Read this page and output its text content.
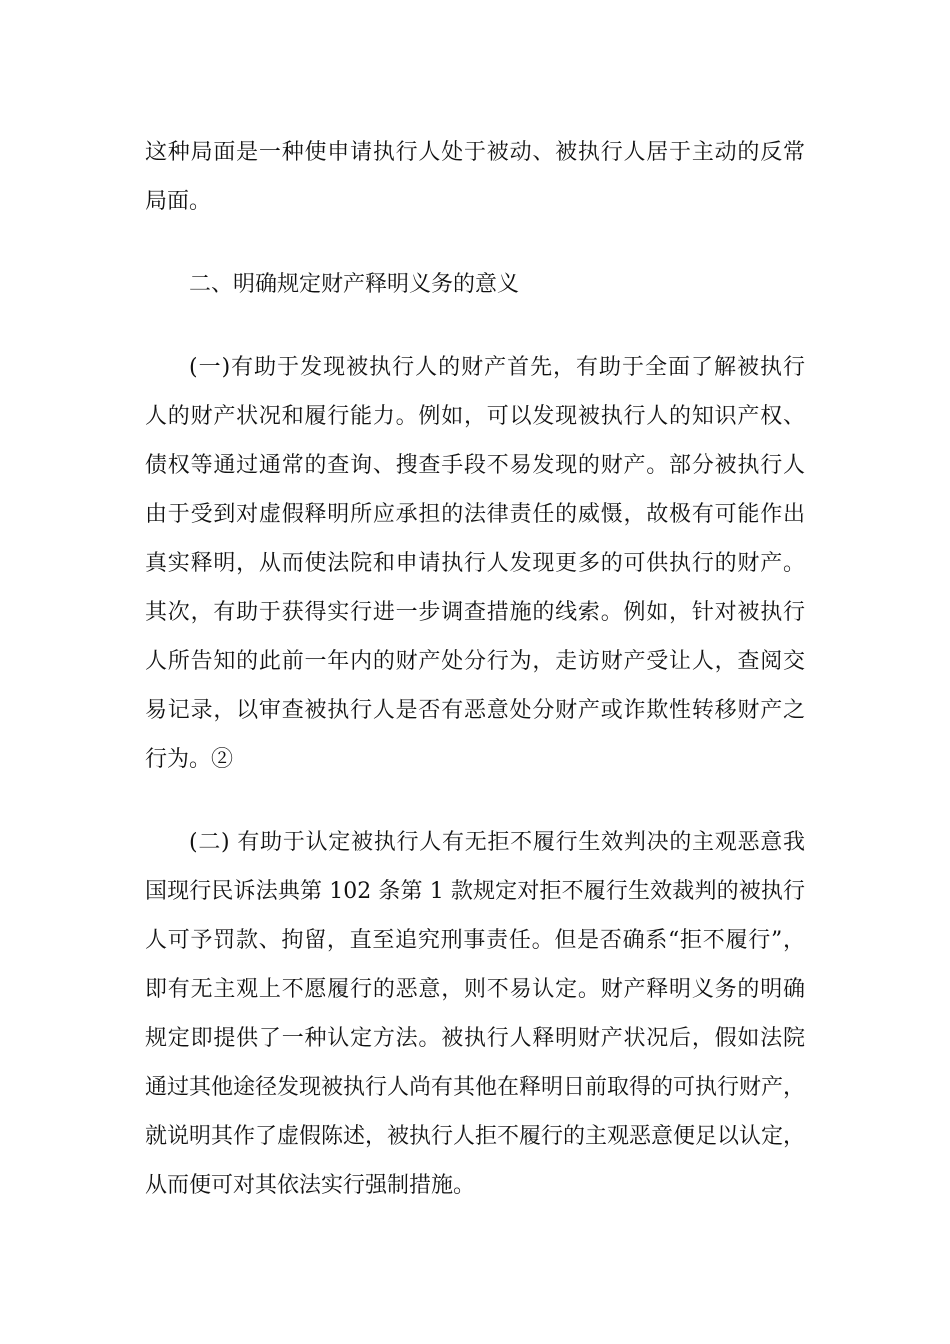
这种局面是一种使申请执行人处于被动、被执行人居于主动的反常
局面。
二、明确规定财产释明义务的意义
(一)有助于发现被执行人的财产首先，有助于全面了解被执行
人的财产状况和履行能力。例如，可以发现被执行人的知识产权、
债权等通过通常的查询、搜查手段不易发现的财产。部分被执行人
由于受到对虚假释明所应承担的法律责任的威慑，故极有可能作出
真实释明，从而使法院和申请执行人发现更多的可供执行的财产。
其次，有助于获得实行进一步调查措施的线索。例如，针对被执行
人所告知的此前一年内的财产处分行为，走访财产受让人，查阅交
易记录，以审查被执行人是否有恶意处分财产或诈欺性转移财产之
行为。②
(二) 有助于认定被执行人有无拒不履行生效判决的主观恶意我
国现行民诉法典第 102 条第 1 款规定对拒不履行生效裁判的被执行
人可予罚款、拘留，直至追究刑事责任。但是否确系“拒不履行”，
即有无主观上不愿履行的恶意，则不易认定。财产释明义务的明确
规定即提供了一种认定方法。被执行人释明财产状况后，假如法院
通过其他途径发现被执行人尚有其他在释明日前取得的可执行财产，
就说明其作了虚假陈述，被执行人拒不履行的主观恶意便足以认定，
从而便可对其依法实行强制措施。
